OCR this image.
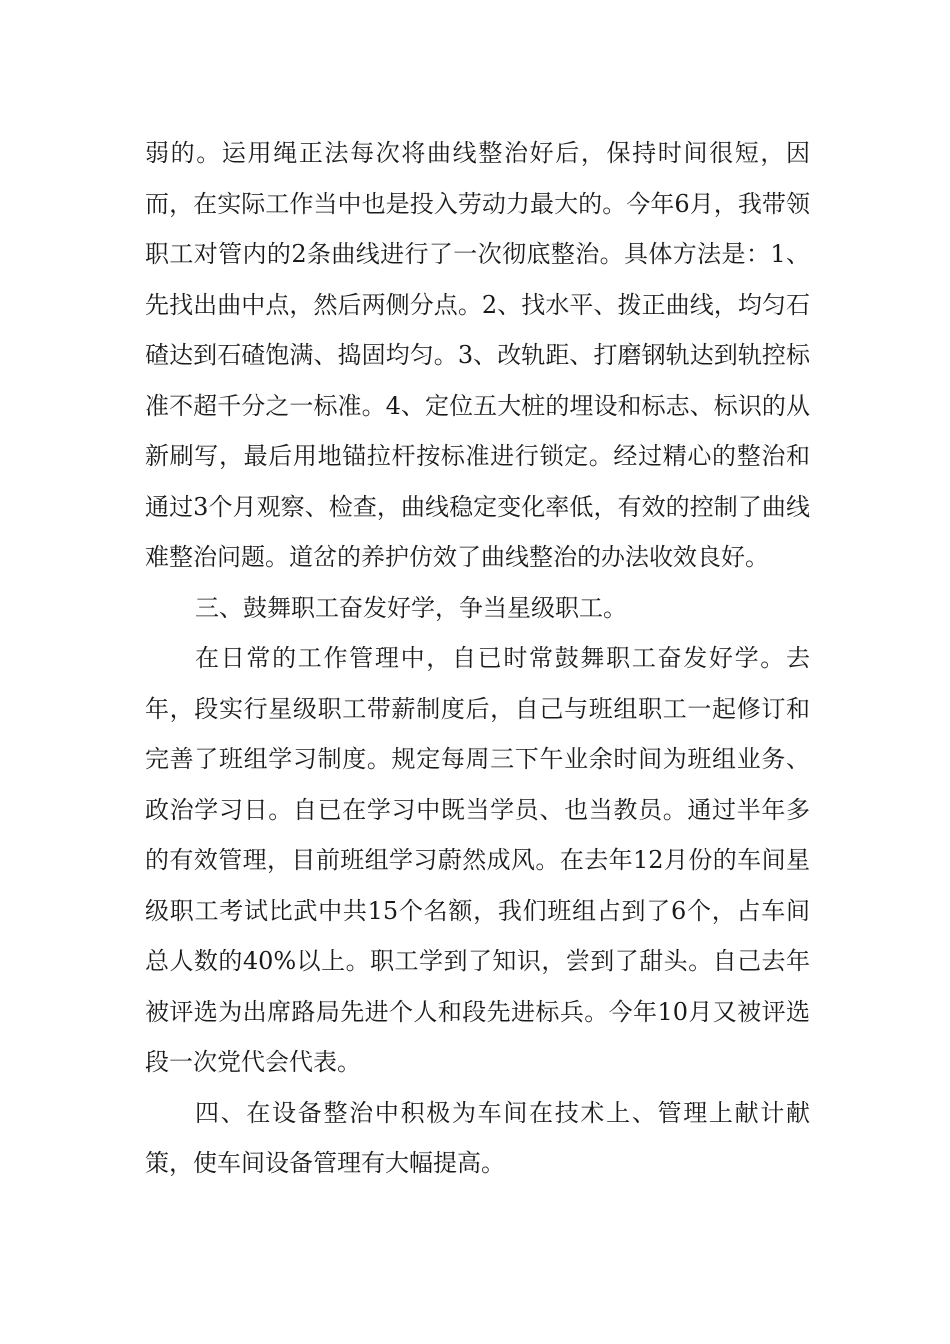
弱的。运用绳正法每次将曲线整治好后，保持时间很短，因而，在实际工作当中也是投入劳动力最大的。今年6月，我带领职工对管内的2条曲线进行了一次彻底整治。具体方法是：1、先找出曲中点，然后两侧分点。2、找水平、拨正曲线，均匀石碴达到石碴饱满、捣固均匀。3、改轨距、打磨钢轨达到轨控标准不超千分之一标准。4、定位五大桩的埋设和标志、标识的从新刷写，最后用地锚拉杆按标准进行锁定。经过精心的整治和通过3个月观察、检查，曲线稳定变化率低，有效的控制了曲线难整治问题。道岔的养护仿效了曲线整治的办法收效良好。

三、鼓舞职工奋发好学，争当星级职工。

在日常的工作管理中，自已时常鼓舞职工奋发好学。去年，段实行星级职工带薪制度后，自己与班组职工一起修订和完善了班组学习制度。规定每周三下午业余时间为班组业务、政治学习日。自已在学习中既当学员、也当教员。通过半年多的有效管理，目前班组学习蔚然成风。在去年12月份的车间星级职工考试比武中共15个名额，我们班组占到了6个，占车间总人数的40%以上。职工学到了知识，尝到了甜头。自己去年被评选为出席路局先进个人和段先进标兵。今年10月又被评选段一次党代会代表。

四、在设备整治中积极为车间在技术上、管理上献计献策，使车间设备管理有大幅提高。
